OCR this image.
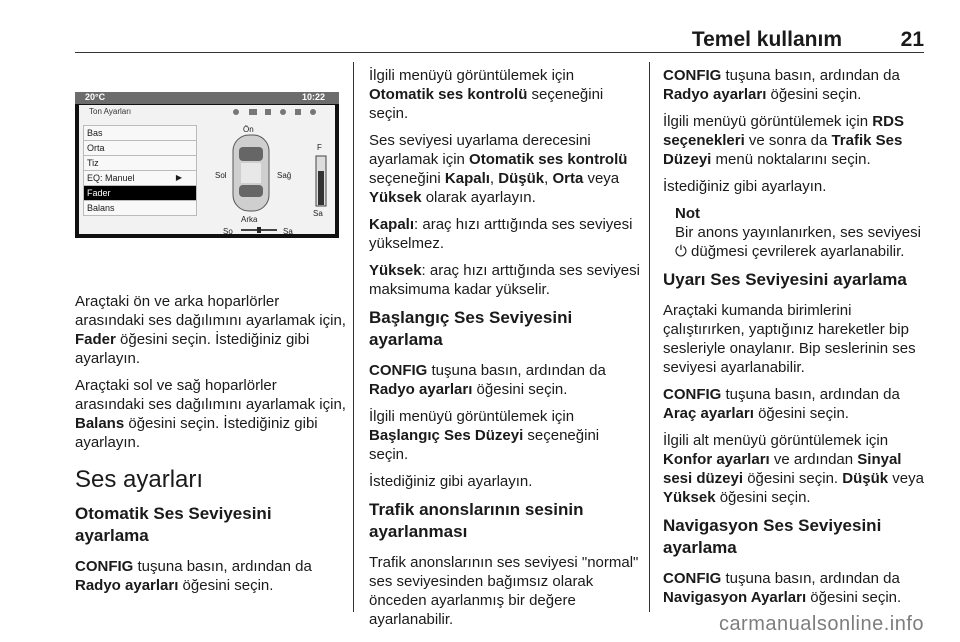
Temel kullanım	21
20°C	10:22
Ton Ayarları
Bas
Orta
Tiz
EQ: Manuel	▶
Fader
Balans
Ön
Arka
Sol	Sağ
F
Sa
So	Sa

Araçtaki ön ve arka hoparlörler arasındaki ses dağılımını ayarlamak için, Fader öğesini seçin. İstediğiniz gibi ayarlayın.

Araçtaki sol ve sağ hoparlörler arasındaki ses dağılımını ayarlamak için, Balans öğesini seçin. İstediğiniz gibi ayarlayın.

Ses ayarları
Otomatik Ses Seviyesini ayarlama

CONFIG tuşuna basın, ardından da Radyo ayarları öğesini seçin.

İlgili menüyü görüntülemek için Otomatik ses kontrolü seçeneğini seçin.

Ses seviyesi uyarlama derecesini ayarlamak için Otomatik ses kontrolü seçeneğini Kapalı, Düşük, Orta veya Yüksek olarak ayarlayın.

Kapalı: araç hızı arttığında ses seviyesi yükselmez.

Yüksek: araç hızı arttığında ses seviyesi maksimuma kadar yükselir.

Başlangıç Ses Seviyesini ayarlama

CONFIG tuşuna basın, ardından da Radyo ayarları öğesini seçin.

İlgili menüyü görüntülemek için Başlangıç Ses Düzeyi seçeneğini seçin.

İstediğiniz gibi ayarlayın.

Trafik anonslarının sesinin ayarlanması

Trafik anonslarının ses seviyesi "normal" ses seviyesinden bağımsız olarak önceden ayarlanmış bir değere ayarlanabilir.

CONFIG tuşuna basın, ardından da Radyo ayarları öğesini seçin.

İlgili menüyü görüntülemek için RDS seçenekleri ve sonra da Trafik Ses Düzeyi menü noktalarını seçin.

İstediğiniz gibi ayarlayın.

Not

Bir anons yayınlanırken, ses seviyesi ⏻ düğmesi çevrilerek ayarlanabilir.

Uyarı Ses Seviyesini ayarlama

Araçtaki kumanda birimlerini çalıştırırken, yaptığınız hareketler bip sesleriyle onaylanır. Bip seslerinin ses seviyesi ayarlanabilir.

CONFIG tuşuna basın, ardından da Araç ayarları öğesini seçin.

İlgili alt menüyü görüntülemek için Konfor ayarları ve ardından Sinyal sesi düzeyi öğesini seçin. Düşük veya Yüksek öğesini seçin.

Navigasyon Ses Seviyesini ayarlama

CONFIG tuşuna basın, ardından da Navigasyon Ayarları öğesini seçin.

carmanualsonline.info
